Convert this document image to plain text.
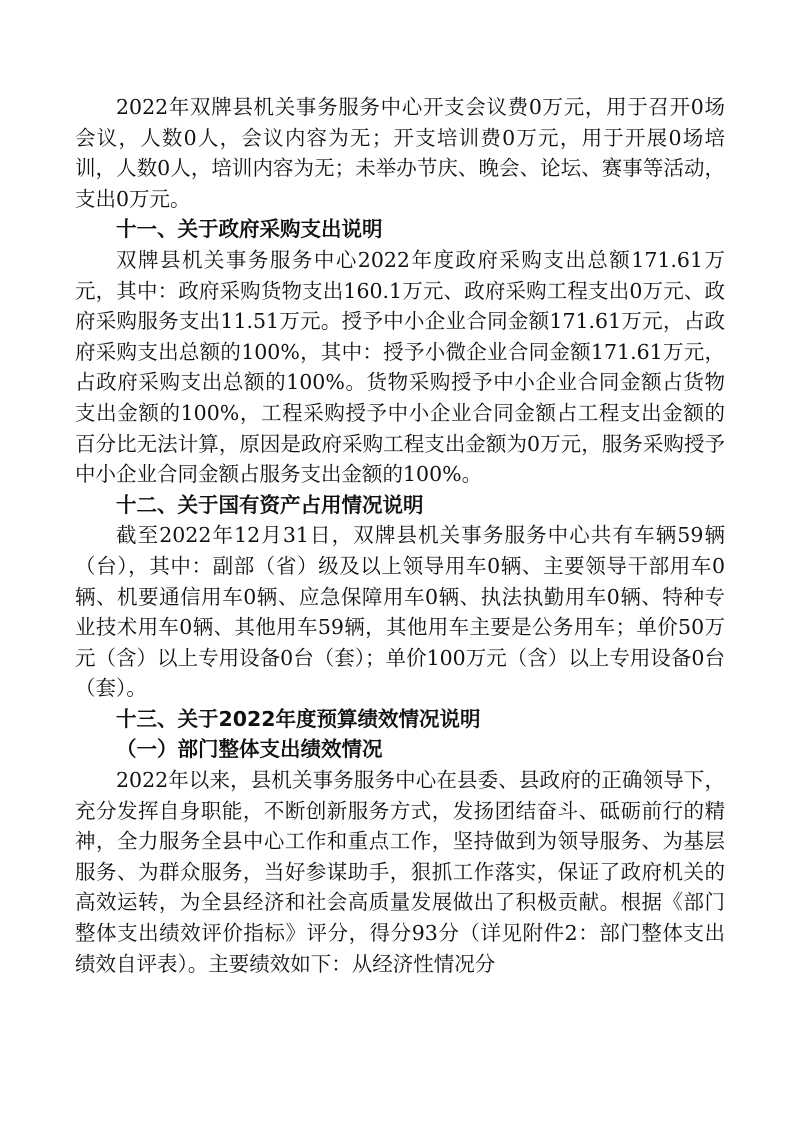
2022年双牌县机关事务服务中心开支会议费0万元，用于召开0场会议，人数0人，会议内容为无；开支培训费0万元，用于开展0场培训，人数0人，培训内容为无；未举办节庆、晚会、论坛、赛事等活动，支出0万元。

十一、关于政府采购支出说明

双牌县机关事务服务中心2022年度政府采购支出总额171.61万元，其中：政府采购货物支出160.1万元、政府采购工程支出0万元、政府采购服务支出11.51万元。授予中小企业合同金额171.61万元，占政府采购支出总额的100%，其中：授予小微企业合同金额171.61万元，占政府采购支出总额的100%。货物采购授予中小企业合同金额占货物支出金额的100%，工程采购授予中小企业合同金额占工程支出金额的百分比无法计算，原因是政府采购工程支出金额为0万元，服务采购授予中小企业合同金额占服务支出金额的100%。

十二、关于国有资产占用情况说明

截至2022年12月31日，双牌县机关事务服务中心共有车辆59辆（台），其中：副部（省）级及以上领导用车0辆、主要领导干部用车0辆、机要通信用车0辆、应急保障用车0辆、执法执勤用车0辆、特种专业技术用车0辆、其他用车59辆，其他用车主要是公务用车；单价50万元（含）以上专用设备0台（套）；单价100万元（含）以上专用设备0台（套）。

十三、关于2022年度预算绩效情况说明

（一）部门整体支出绩效情况

2022年以来，县机关事务服务中心在县委、县政府的正确领导下，充分发挥自身职能，不断创新服务方式，发扬团结奋斗、砥砺前行的精神，全力服务全县中心工作和重点工作，坚持做到为领导服务、为基层服务、为群众服务，当好参谋助手，狠抓工作落实，保证了政府机关的高效运转，为全县经济和社会高质量发展做出了积极贡献。根据《部门整体支出绩效评价指标》评分，得分93分（详见附件2：部门整体支出绩效自评表）。主要绩效如下：从经济性情况分
